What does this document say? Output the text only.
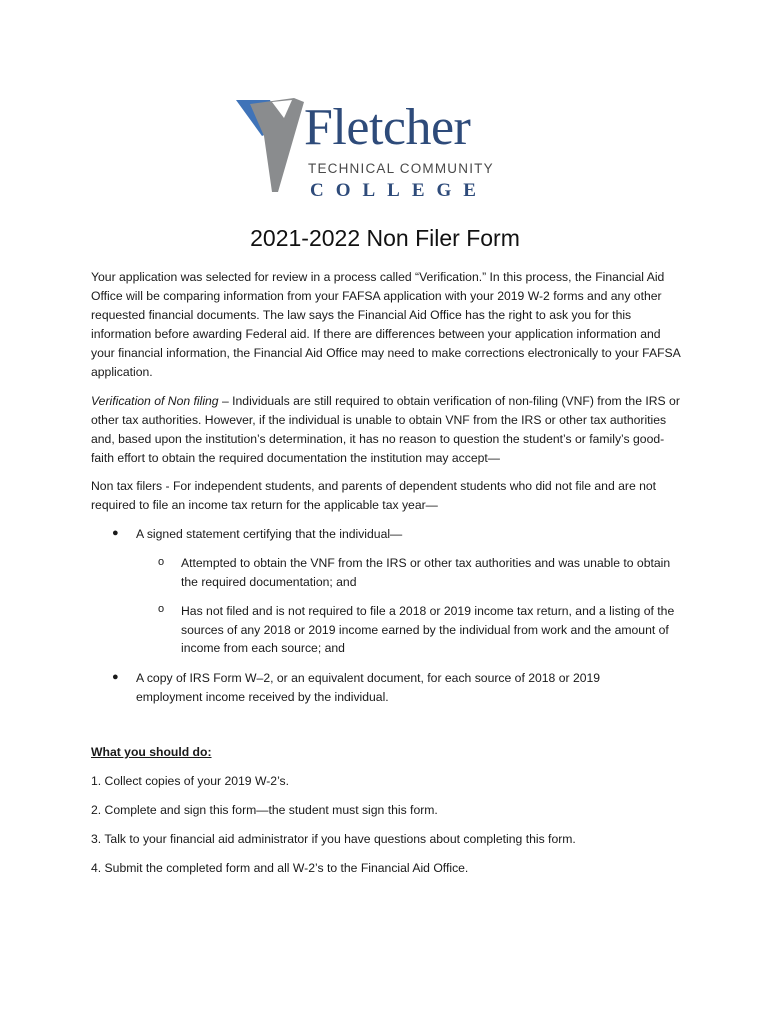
Fletcher
TECHNICAL COMMUNITY
COLLEGE
2021-2022 Non Filer Form
Your application was selected for review in a process called “Verification.” In this process, the Financial Aid Office will be comparing information from your FAFSA application with your 2019 W-2 forms and any other requested financial documents. The law says the Financial Aid Office has the right to ask you for this information before awarding Federal aid. If there are differences between your application information and your financial information, the Financial Aid Office may need to make corrections electronically to your FAFSA application.
Verification of Non filing – Individuals are still required to obtain verification of non-filing (VNF) from the IRS or other tax authorities. However, if the individual is unable to obtain VNF from the IRS or other tax authorities and, based upon the institution’s determination, it has no reason to question the student’s or family’s good-faith effort to obtain the required documentation the institution may accept—
Non tax filers - For independent students, and parents of dependent students who did not file and are not required to file an income tax return for the applicable tax year—
● A signed statement certifying that the individual—
o Attempted to obtain the VNF from the IRS or other tax authorities and was unable to obtain the required documentation; and
o Has not filed and is not required to file a 2018 or 2019 income tax return, and a listing of the sources of any 2018 or 2019 income earned by the individual from work and the amount of income from each source; and
● A copy of IRS Form W–2, or an equivalent document, for each source of 2018 or 2019 employment income received by the individual.
What you should do:
1. Collect copies of your 2019 W-2’s.
2. Complete and sign this form—the student must sign this form.
3. Talk to your financial aid administrator if you have questions about completing this form.
4. Submit the completed form and all W-2’s to the Financial Aid Office.
